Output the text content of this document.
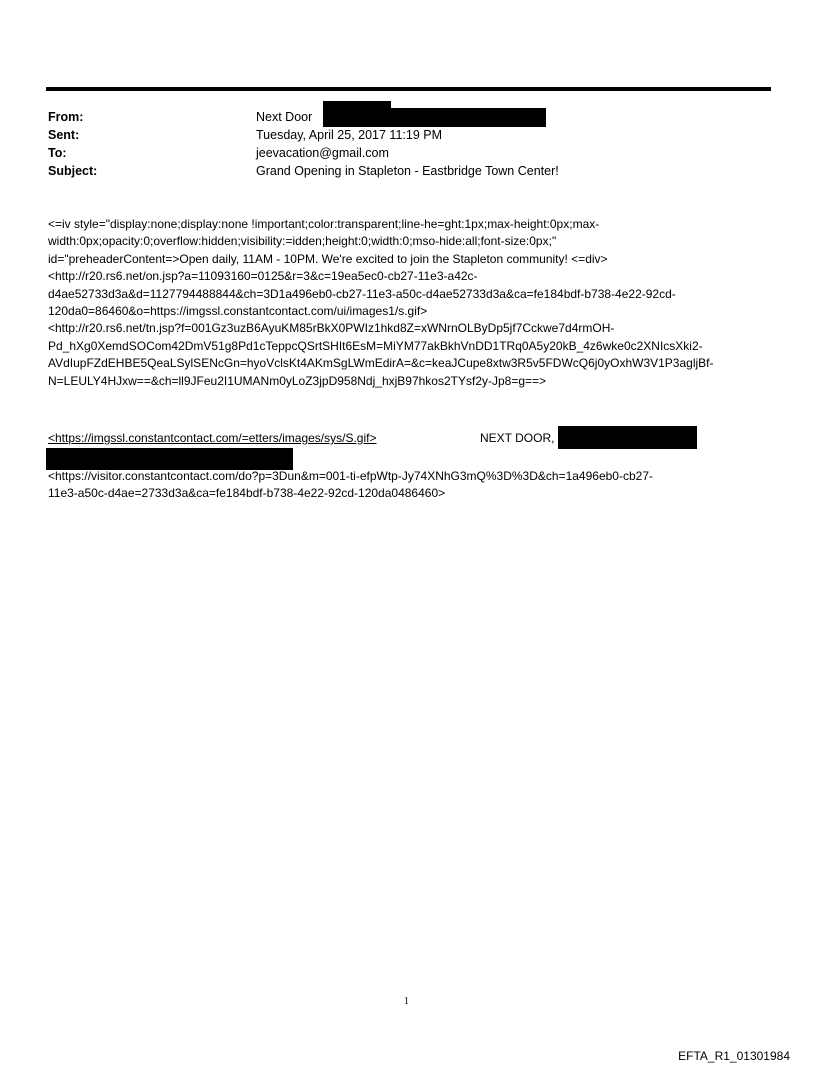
From:	Next Door
Sent:	Tuesday, April 25, 2017 11:19 PM
To:	jeevacation@gmail.com
Subject:	Grand Opening in Stapleton - Eastbridge Town Center!
<=iv style="display:none;display:none !important;color:transparent;line-he=ght:1px;max-height:0px;max-
width:0px;opacity:0;overflow:hidden;visibility:=idden;height:0;width:0;mso-hide:all;font-size:0px;"
id="preheaderContent=>Open daily, 11AM - 10PM. We're excited to join the Stapleton community! <=div>
<http://r20.rs6.net/on.jsp?a=11093160=0125&r=3&c=19ea5ec0-cb27-11e3-a42c-
d4ae52733d3a&d=1127794488844&ch=3D1a496eb0-cb27-11e3-a50c-d4ae52733d3a&ca=fe184bdf-b738-4e22-92cd-
120da0=86460&o=https://imgssl.constantcontact.com/ui/images1/s.gif>
<http://r20.rs6.net/tn.jsp?f=001Gz3uzB6AyuKM85rBkX0PWIz1hkd8Z=xWNrnOLByDp5jf7Cckwe7d4rmOH-
Pd_hXg0XemdSOCom42DmV51g8Pd1cTeppcQSrtSHIt6EsM=MiYM77akBkhVnDD1TRq0A5y20kB_4z6wke0c2XNIcsXki2-
AVdIupFZdEHBE5QeaLSylSENcGn=hyoVclsKt4AKmSgLWmEdirA=&c=keaJCupe8xtw3R5v5FDWcQ6j0yOxhW3V1P3agljBf-
N=LEULY4HJxw==&ch=ll9JFeu2I1UMANm0yLoZ3jpD958Ndj_hxjB97hkos2TYsf2y-Jp8=g==>
<https://imgssl.constantcontact.com/=etters/images/sys/S.gif>	NEXT DOOR,
<https://visitor.constantcontact.com/do?p=3Dun&m=001-ti-efpWtp-Jy74XNhG3mQ%3D%3D&ch=1a496eb0-cb27-
11e3-a50c-d4ae=2733d3a&ca=fe184bdf-b738-4e22-92cd-120da0486460>
1
EFTA_R1_01301984
